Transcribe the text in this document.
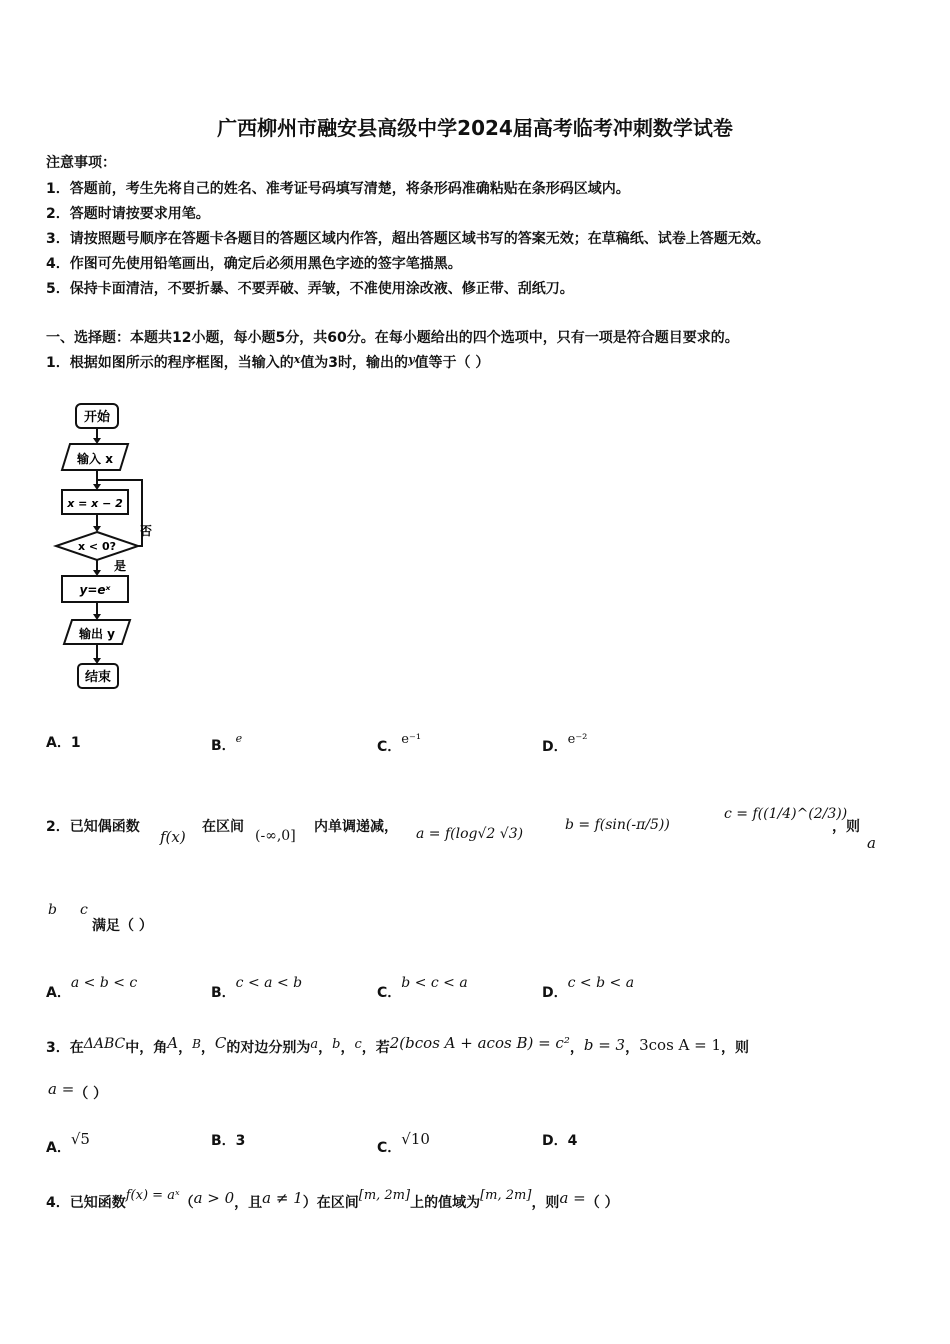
广西柳州市融安县高级中学2024届高考临考冲刺数学试卷
注意事项：
1．答题前，考生先将自己的姓名、准考证号码填写清楚，将条形码准确粘贴在条形码区域内。
2．答题时请按要求用笔。
3．请按照题号顺序在答题卡各题目的答题区域内作答，超出答题区域书写的答案无效；在草稿纸、试卷上答题无效。
4．作图可先使用铅笔画出，确定后必须用黑色字迹的签字笔描黑。
5．保持卡面清洁，不要折暴、不要弄破、弄皱，不准使用涂改液、修正带、刮纸刀。
一、选择题：本题共12小题，每小题5分，共60分。在每小题给出的四个选项中，只有一项是符合题目要求的。
1．根据如图所示的程序框图，当输入的$^x$值为3时，输出的$^y$值等于（ ）
开始
输入 x
x = x − 2
x < 0?
否
是
y=eˣ
输出 y
结束
A．1	B．$^e$
C．e⁻¹	D．e⁻²
2．已知偶函数
f(x)
在区间
(-∞,0]
内单调递减， a = f(log√2 √3)
b = f(sin(-π/5))
c = f((1/4)^(2/3))
，则
a
b c
满足（ ）
A．a < b < c
B．c < a < b
C．b < c < a
D．c < b < a
3．在ΔABC中，角A，B，C的对边分别为a，b，c，若2(bcos A + acos B) = c²，b = 3，3cos A = 1，则
a =（ ）
A．√5	B．3	C．√10	D．4
4．已知函数f(x) = aˣ（a > 0，且a ≠ 1）在区间[m, 2m]上的值域为[m, 2m]，则a =（ ）
